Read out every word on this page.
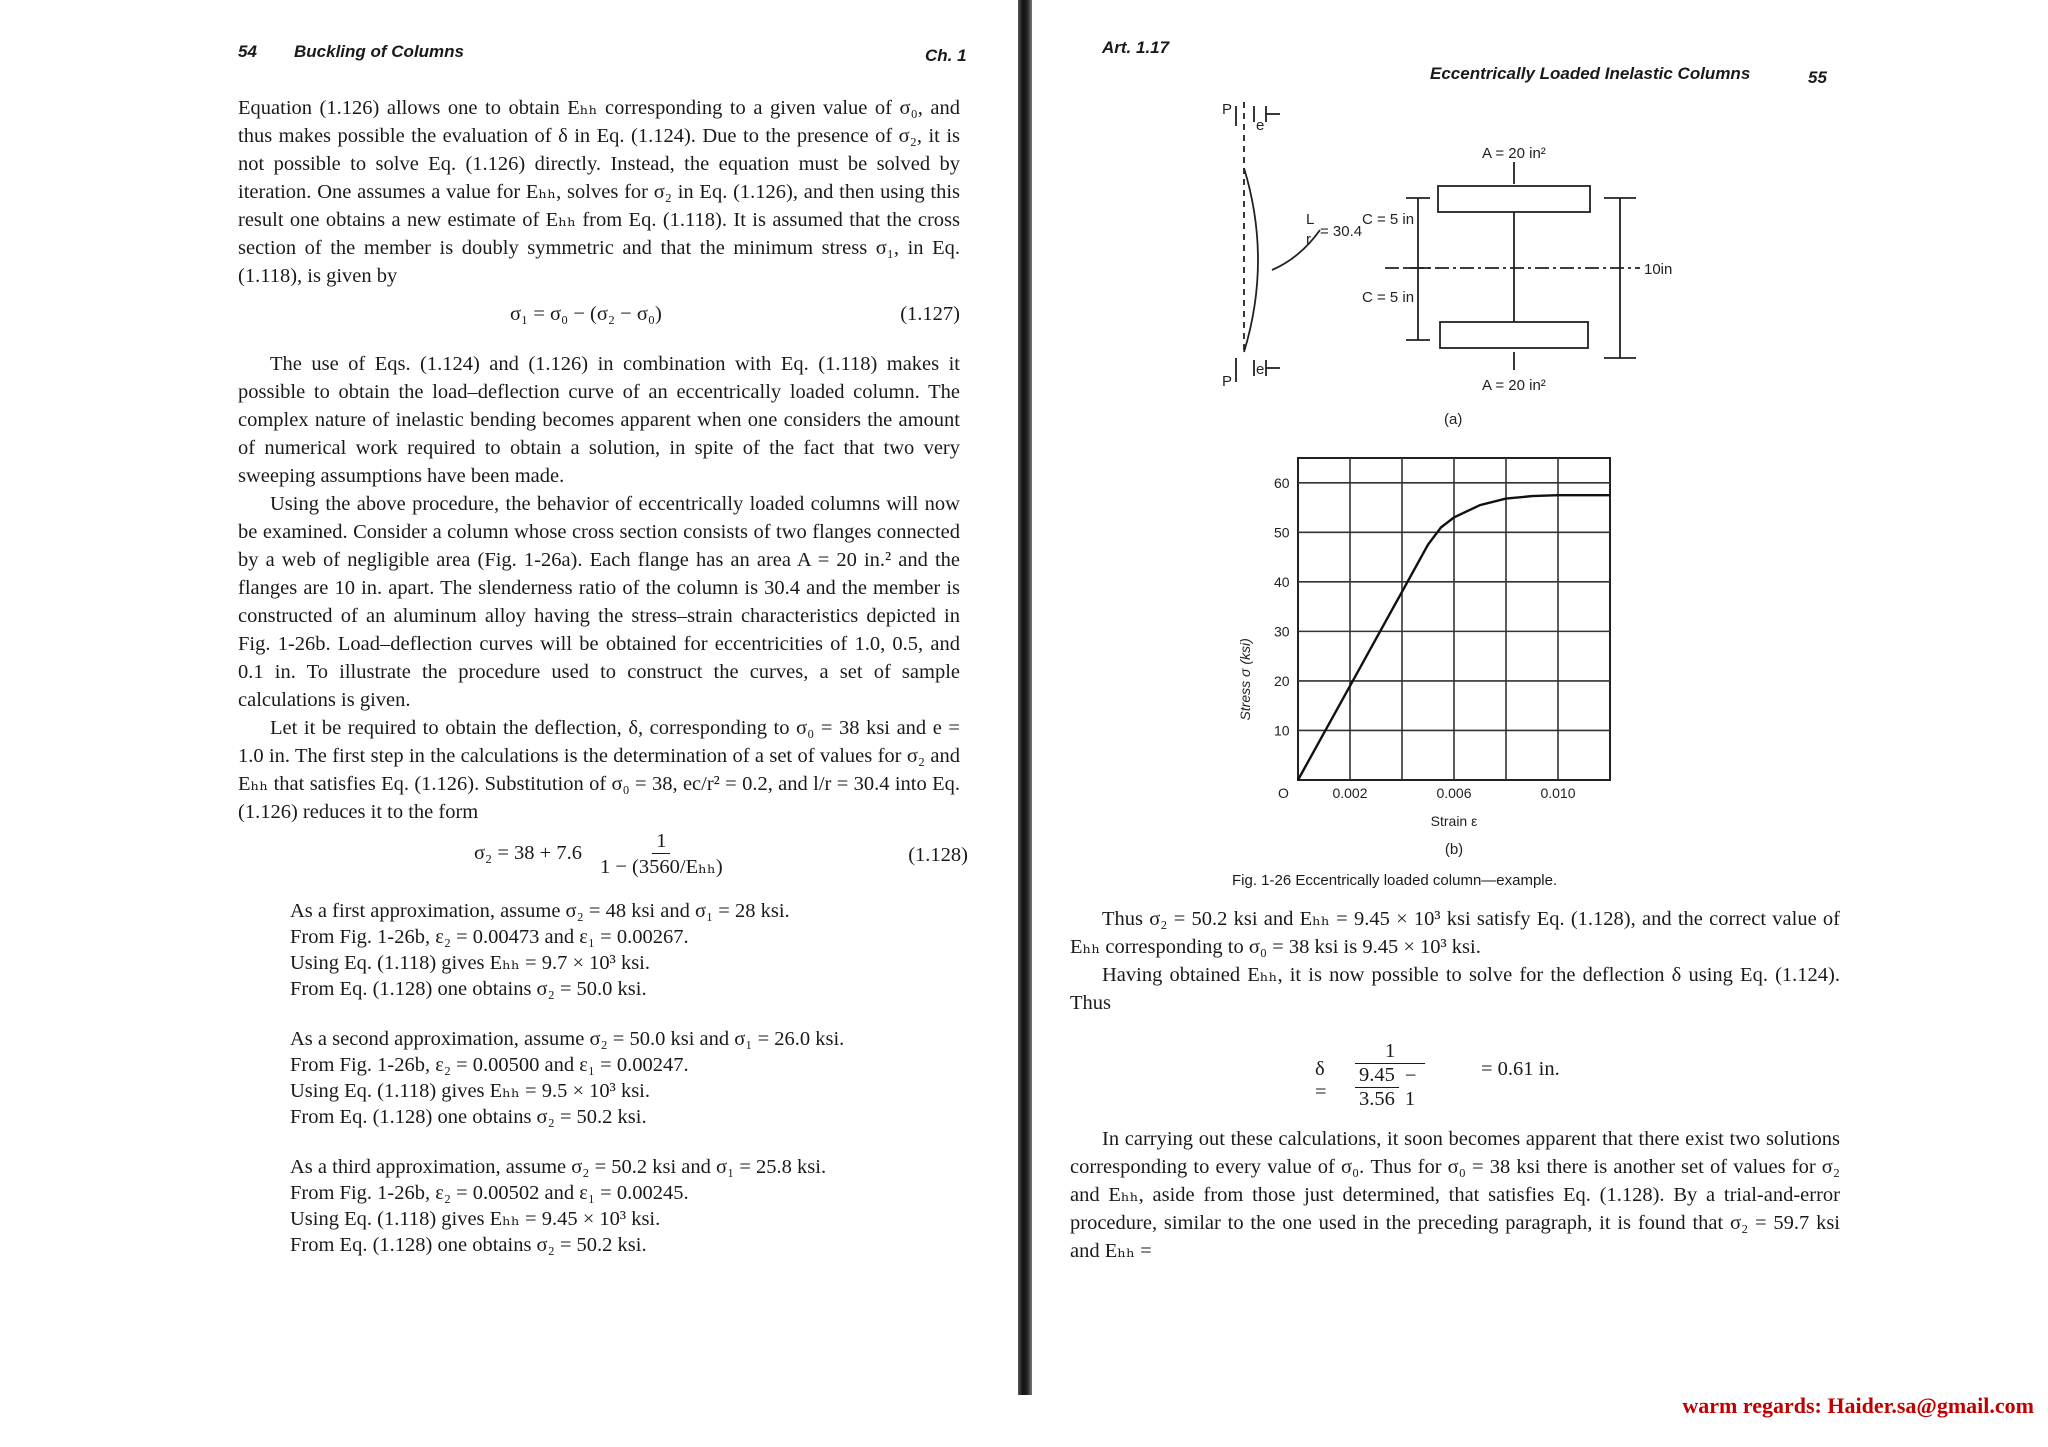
54 Buckling of Columns	Ch. 1

Equation (1.126) allows one to obtain Eₕₕ corresponding to a given value of σ₀, and thus makes possible the evaluation of δ in Eq. (1.124). Due to the presence of σ₂, it is not possible to solve Eq. (1.126) directly. Instead, the equation must be solved by iteration. One assumes a value for Eₕₕ, solves for σ₂ in Eq. (1.126), and then using this result one obtains a new estimate of Eₕₕ from Eq. (1.118). It is assumed that the cross section of the member is doubly symmetric and that the minimum stress σ₁, in Eq. (1.118), is given by

σ₁ = σ₀ − (σ₂ − σ₀)	(1.127)

The use of Eqs. (1.124) and (1.126) in combination with Eq. (1.118) makes it possible to obtain the load–deflection curve of an eccentrically loaded column. The complex nature of inelastic bending becomes apparent when one considers the amount of numerical work required to obtain a solution, in spite of the fact that two very sweeping assumptions have been made.

Using the above procedure, the behavior of eccentrically loaded columns will now be examined. Consider a column whose cross section consists of two flanges connected by a web of negligible area (Fig. 1-26a). Each flange has an area A = 20 in.² and the flanges are 10 in. apart. The slenderness ratio of the column is 30.4 and the member is constructed of an aluminum alloy having the stress–strain characteristics depicted in Fig. 1-26b. Load–deflection curves will be obtained for eccentricities of 1.0, 0.5, and 0.1 in. To illustrate the procedure used to construct the curves, a set of sample calculations is given.

Let it be required to obtain the deflection, δ, corresponding to σ₀ = 38 ksi and e = 1.0 in. The first step in the calculations is the determination of a set of values for σ₂ and Eₕₕ that satisfies Eq. (1.126). Substitution of σ₀ = 38, ec/r² = 0.2, and l/r = 30.4 into Eq. (1.126) reduces it to the form

σ₂ = 38 + 7.6
1
1 − (3560/Eₕₕ)
(1.128)
As a first approximation, assume σ₂ = 48 ksi and σ₁ = 28 ksi.
From Fig. 1-26b, ε₂ = 0.00473 and ε₁ = 0.00267.
Using Eq. (1.118) gives Eₕₕ = 9.7 × 10³ ksi.
From Eq. (1.128) one obtains σ₂ = 50.0 ksi.
As a second approximation, assume σ₂ = 50.0 ksi and σ₁ = 26.0 ksi.
From Fig. 1-26b, ε₂ = 0.00500 and ε₁ = 0.00247.
Using Eq. (1.118) gives Eₕₕ = 9.5 × 10³ ksi.
From Eq. (1.128) one obtains σ₂ = 50.2 ksi.
As a third approximation, assume σ₂ = 50.2 ksi and σ₁ = 25.8 ksi.
From Fig. 1-26b, ε₂ = 0.00502 and ε₁ = 0.00245.
Using Eq. (1.118) gives Eₕₕ = 9.45 × 10³ ksi.
From Eq. (1.128) one obtains σ₂ = 50.2 ksi.
Art. 1.17
Eccentrically Loaded Inelastic Columns	55
P
e
e
P
L
r = 30.4
A = 20 in²
A = 20 in²
C = 5 in
C = 5 in
10in
(a)
10
20
30
40
50
60
0.002	0.006	0.010
O
Stress σ (ksi)
Strain ε
(b)
Fig. 1-26 Eccentrically loaded column—example.

Thus σ₂ = 50.2 ksi and Eₕₕ = 9.45 × 10³ ksi satisfy Eq. (1.128), and the correct value of Eₕₕ corresponding to σ₀ = 38 ksi is 9.45 × 10³ ksi.

Having obtained Eₕₕ, it is now possible to solve for the deflection δ using Eq. (1.124). Thus

$\delta = \frac{1}{\frac{9.45}{3.56} - 1}$	= 0.61 in.

In carrying out these calculations, it soon becomes apparent that there exist two solutions corresponding to every value of σ₀. Thus for σ₀ = 38 ksi there is another set of values for σ₂ and Eₕₕ, aside from those just determined, that satisfies Eq. (1.128). By a trial-and-error procedure, similar to the one used in the preceding paragraph, it is found that σ₂ = 59.7 ksi and Eₕₕ =

warm regards: Haider.sa@gmail.com
